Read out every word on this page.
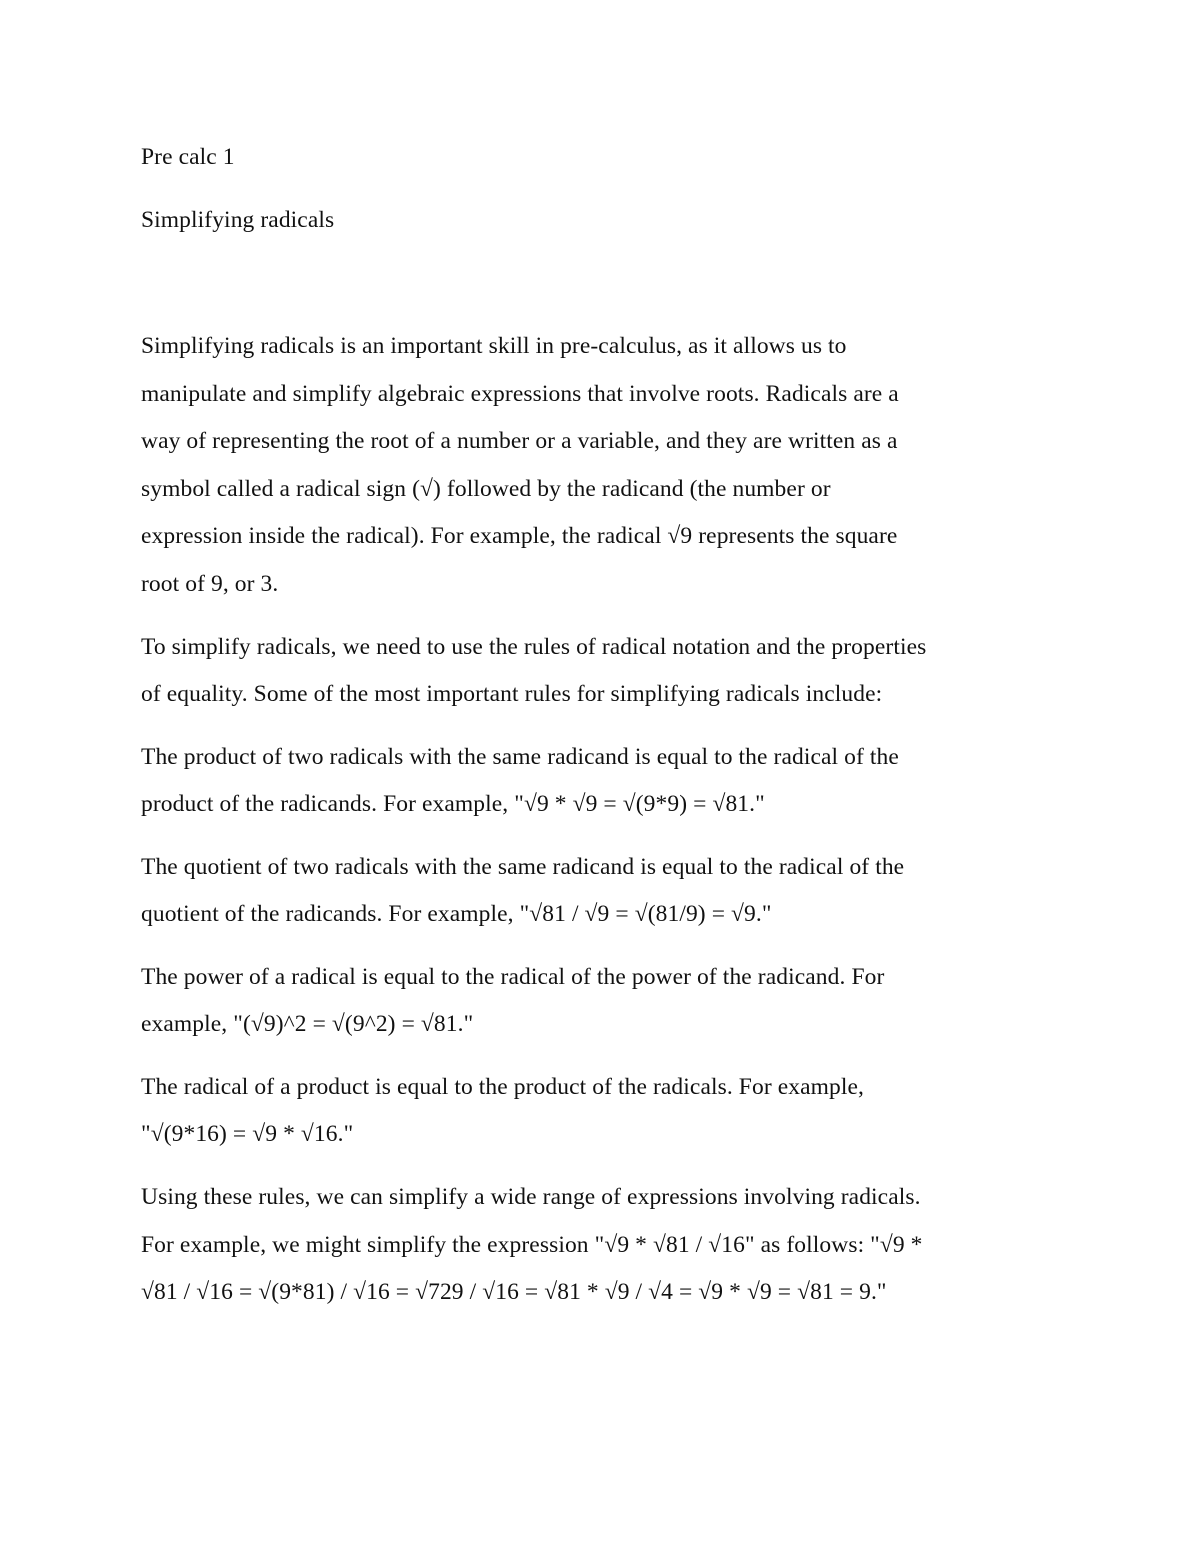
Pre calc 1

Simplifying radicals

Simplifying radicals is an important skill in pre-calculus, as it allows us to

manipulate and simplify algebraic expressions that involve roots. Radicals are a

way of representing the root of a number or a variable, and they are written as a

symbol called a radical sign (√) followed by the radicand (the number or

expression inside the radical). For example, the radical √9 represents the square

root of 9, or 3.

To simplify radicals, we need to use the rules of radical notation and the properties

of equality. Some of the most important rules for simplifying radicals include:

The product of two radicals with the same radicand is equal to the radical of the

product of the radicands. For example, "√9 * √9 = √(9*9) = √81."

The quotient of two radicals with the same radicand is equal to the radical of the

quotient of the radicands. For example, "√81 / √9 = √(81/9) = √9."

The power of a radical is equal to the radical of the power of the radicand. For

example, "(√9)^2 = √(9^2) = √81."

The radical of a product is equal to the product of the radicals. For example,

"√(9*16) = √9 * √16."

Using these rules, we can simplify a wide range of expressions involving radicals.

For example, we might simplify the expression "√9 * √81 / √16" as follows: "√9 *

√81 / √16 = √(9*81) / √16 = √729 / √16 = √81 * √9 / √4 = √9 * √9 = √81 = 9."
